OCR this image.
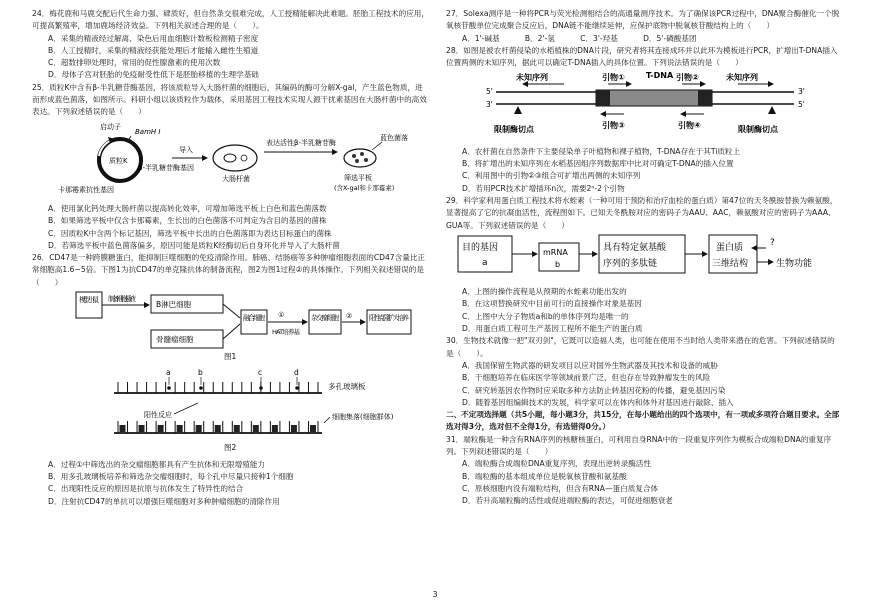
24．梅花鹿和马鹿交配后代生命力强、肄质好，但自然条交很难完成，人工授精能解决此难题。胚胎工程技术的应用，可提高繁殖率，增加鹿场经济效益。下列相关叙述合理的是（　　）。

A．采集的精液经过解离、染色后用血细胞计数板检测精子密度

B．人工授精时，采集的精液经获能处理后才能输入雌性生殖道

C．超数排卵处理时，常用的促性腺激素的使用次数

D．母体子宫对胚胎的免疫耐受性低下是胚胎移植的生理学基础

25．质粒K中含有β-半乳糖苷酶基因，将该质粒导入大肠杆菌的细胞后，其编码的酶可分解X-gal，产生蓝色物质，进而形成蓝色菌落，如图所示。科研小组以该质粒作为载体，采用基因工程技术实现人源干扰素基因在大肠杆菌中的高效表达。下列叙述错误的是（　　）

启动子
BamH I
质粒K
β-半乳糖苷酶基因
卡那霉素抗性基因
导入
大肠杆菌
表达活性β-半乳糖苷酶
蓝色菌落
筛选平板
(含X-gal和卡那霉素)

A．使用氯化钙处理大肠杆菌以提高转化效率，可增加筛选平板上白色和蓝色菌落数

B．如果筛选平板中仅含卡那霉素，生长出的白色菌落不可判定为含目的基因的菌株

C．因质粒K中含两个标记基因，筛选平板中长出的白色菌落即为表达目标蛋白的菌株

D．若筛选平板中蓝色菌落偏多，原因可能是质粒K经酶切后自身环化并导入了大肠杆菌

26．CD47是一种跨膜糖蛋白，能抑制巨噬细胞的免疫清除作用。肺癌、结肠癌等多种肿瘤细胞表面的CD47含量比正常细胞高1.6~5倍。下图1为抗CD47的单克隆抗体的制备流程，图2为图1过程②的具体操作。下列相关叙述错误的是（　　）

模型小鼠 制备细胞悬液
B淋巴细胞
骨髓瘤细胞
融合细胞 ①
HAT培养基
杂交瘤细胞 ② 阳性克隆扩大培养
图1
a	b	c	d
多孔玻璃板
阳性反应	细胞集落(细胞群体)
图2

A．过程①中筛选出的杂交瘤细胞都具有产生抗体和无限增殖能力

B．用多孔玻璃板培养和筛选杂交瘤细胞时，每个孔中尽量只接种1个细胞

C．出现阳性反应的原因是抗原与抗体发生了特异性的结合

D．注射抗CD47的单抗可以增强巨噬细胞对多种肿瘤细胞的清除作用

27．Solexa测序是一种将PCR与荧光检测相结合的高通量测序技术。为了确保该PCR过程中，DNA聚合酶催化一个脱氧核苷酸单位完成聚合反应后，DNA链不能继续延伸，应保护底物中脱氧核苷酸结构上的（　　）

A．1'-碱基   	B．2'-氢   	C．3'-羟基   	D．5'-磷酸基团

28．如图是被农杆菌侵染的水稻植株的DNA片段，研究者将其连接成环并以此环为模板进行PCR，扩增出T-DNA插入位置两侧的未知序列，据此可以确定T-DNA插入的具体位置。下列说法错误的是（　　）

未知序列	引物①	T-DNA 引物②	未知序列
5'
3'
3'
5'
限制酶切点	限制酶切点
引物③	引物④

A．农杆菌在自然条件下主要侵染单子叶植物和裸子植物，T-DNA存在于其Ti质粒上

B．将扩增出的未知序列在水稻基因组序列数据库中比对可确定T-DNA的插入位置

C．利用图中的引物②③组合可扩增出两侧的未知序列

D．若用PCR技术扩增插环n次，需要2ⁿ-2个引物

29．科学家利用蛋白质工程技术将水蛭素（一种可用于预防和治疗血栓的蛋白质）第47位的天冬酰胺替换为赖氨酸，显著提高了它的抗凝血活性，流程图如下。已知天冬酰胺对应的密码子为AAU、AAC，赖氨酸对应的密码子为AAA、GUA等。下列叙述错误的是（　　）

目的基因
a
mRNA
b
具有特定氨基酸
序列的多肽链
蛋白质
三维结构
?
生物功能

A．上图的操作流程是从预期的水蛭素功能出发的

B．在这项替换研究中目前可行的直接操作对象是基因

C．上图中大分子物质a和b的单体序列均是唯一的

D．用蛋白质工程可生产基因工程所不能生产的蛋白质

30．生物技术就像一把"双刃剑"，它既可以造福人类，也可能在使用不当时给人类带来潜在的危害。下列叙述错误的是（　　）。

A．我国保留生物武器的研发项目以应对国外生物武器及其技术和设备的威胁

B．干细胞培养在临床医学等领域前景广泛，但也存在导致肿瘤发生的风险

C．研究转基因农作物时应采取多种方法防止转基因花粉的传播，避免基因污染

D．随着基因组编辑技术的发展，科学家可以在体内和体外对基因进行敲除、插入

二、不定项选择题（共5小题，每小题3分，共15分，在每小题给出的四个选项中，有一项或多项符合题目要求。全部选对得3分，选对但不全得1分，有选错得0分。）

31．端粒酶是一种含有RNA序列的核糖核蛋白，可利用自身RNA中的一段重复序列作为模板合成端粒DNA的重复序列。下列叙述错误的是（　　）

A．端粒酶合成端粒DNA重复序列，表现出逆转录酶活性

B．端粒酶的基本组成单位是脱氧核苷酸和氨基酸

C．原核细胞内没有端粒结构，但含有RNA—蛋白质复合体

D．若升高端粒酶的活性或促进端粒酶的表达，可促进细胞衰老

3
